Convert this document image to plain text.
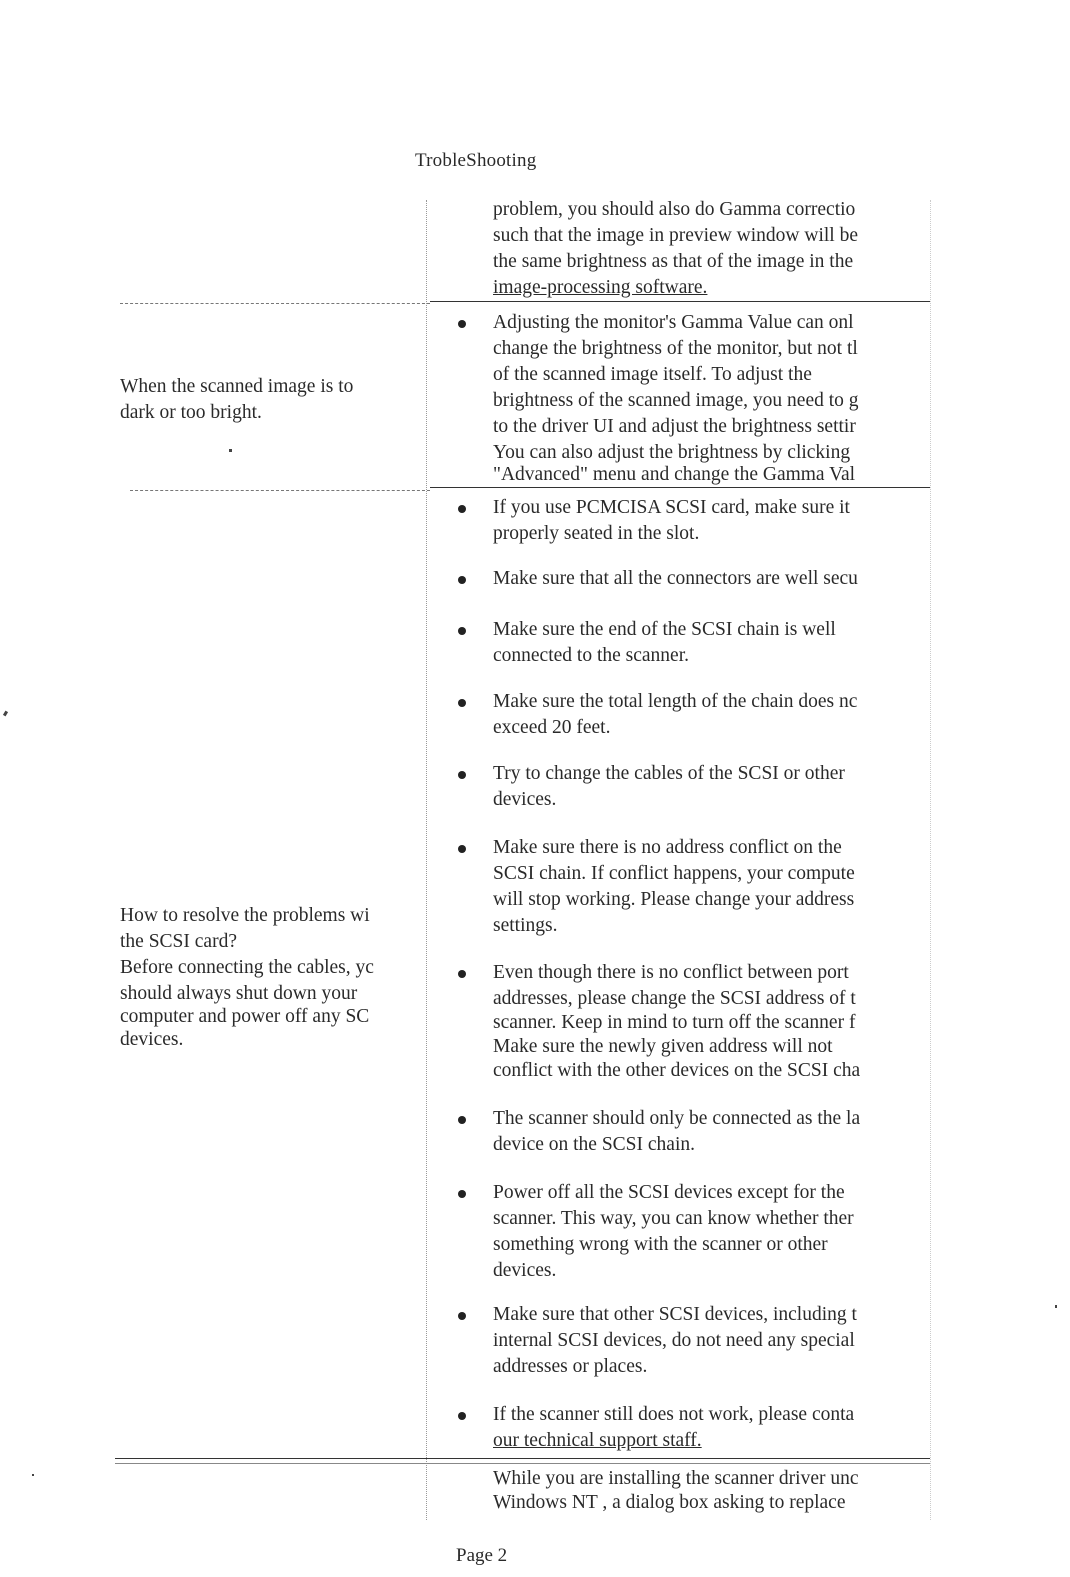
TrobleShooting
problem, you should also do Gamma correctio
such that the image in preview window will be
the same brightness as that of the image in the
image-processing software.
When the scanned image is to
dark or too bright.
Adjusting the monitor's Gamma Value can onl
change the brightness of the monitor, but not tl
of the scanned image itself. To adjust the
brightness of the scanned image, you need to g
to the driver UI and adjust the brightness settir
You can also adjust the brightness by clicking
"Advanced" menu and change the Gamma Val
How to resolve the problems wi
the SCSI card?
Before connecting the cables, yc
should always shut down your
computer and power off any SC
devices.
If you use PCMCISA SCSI card, make sure it
properly seated in the slot.
Make sure that all the connectors are well secu
Make sure the end of the SCSI chain is well
connected to the scanner.
Make sure the total length of the chain does nc
exceed 20 feet.
Try to change the cables of the SCSI or other
devices.
Make sure there is no address conflict on the
SCSI chain. If conflict happens, your compute
will stop working. Please change your address
settings.
Even though there is no conflict between port
addresses, please change the SCSI address of t
scanner. Keep in mind to turn off the scanner f
Make sure the newly given address will not
conflict with the other devices on the SCSI cha
The scanner should only be connected as the la
device on the SCSI chain.
Power off all the SCSI devices except for the
scanner. This way, you can know whether ther
something wrong with the scanner or other
devices.
Make sure that other SCSI devices, including t
internal SCSI devices, do not need any special
addresses or places.
If the scanner still does not work, please conta
our technical support staff.
While you are installing the scanner driver unc
Windows NT , a dialog box asking to replace
Page 2
